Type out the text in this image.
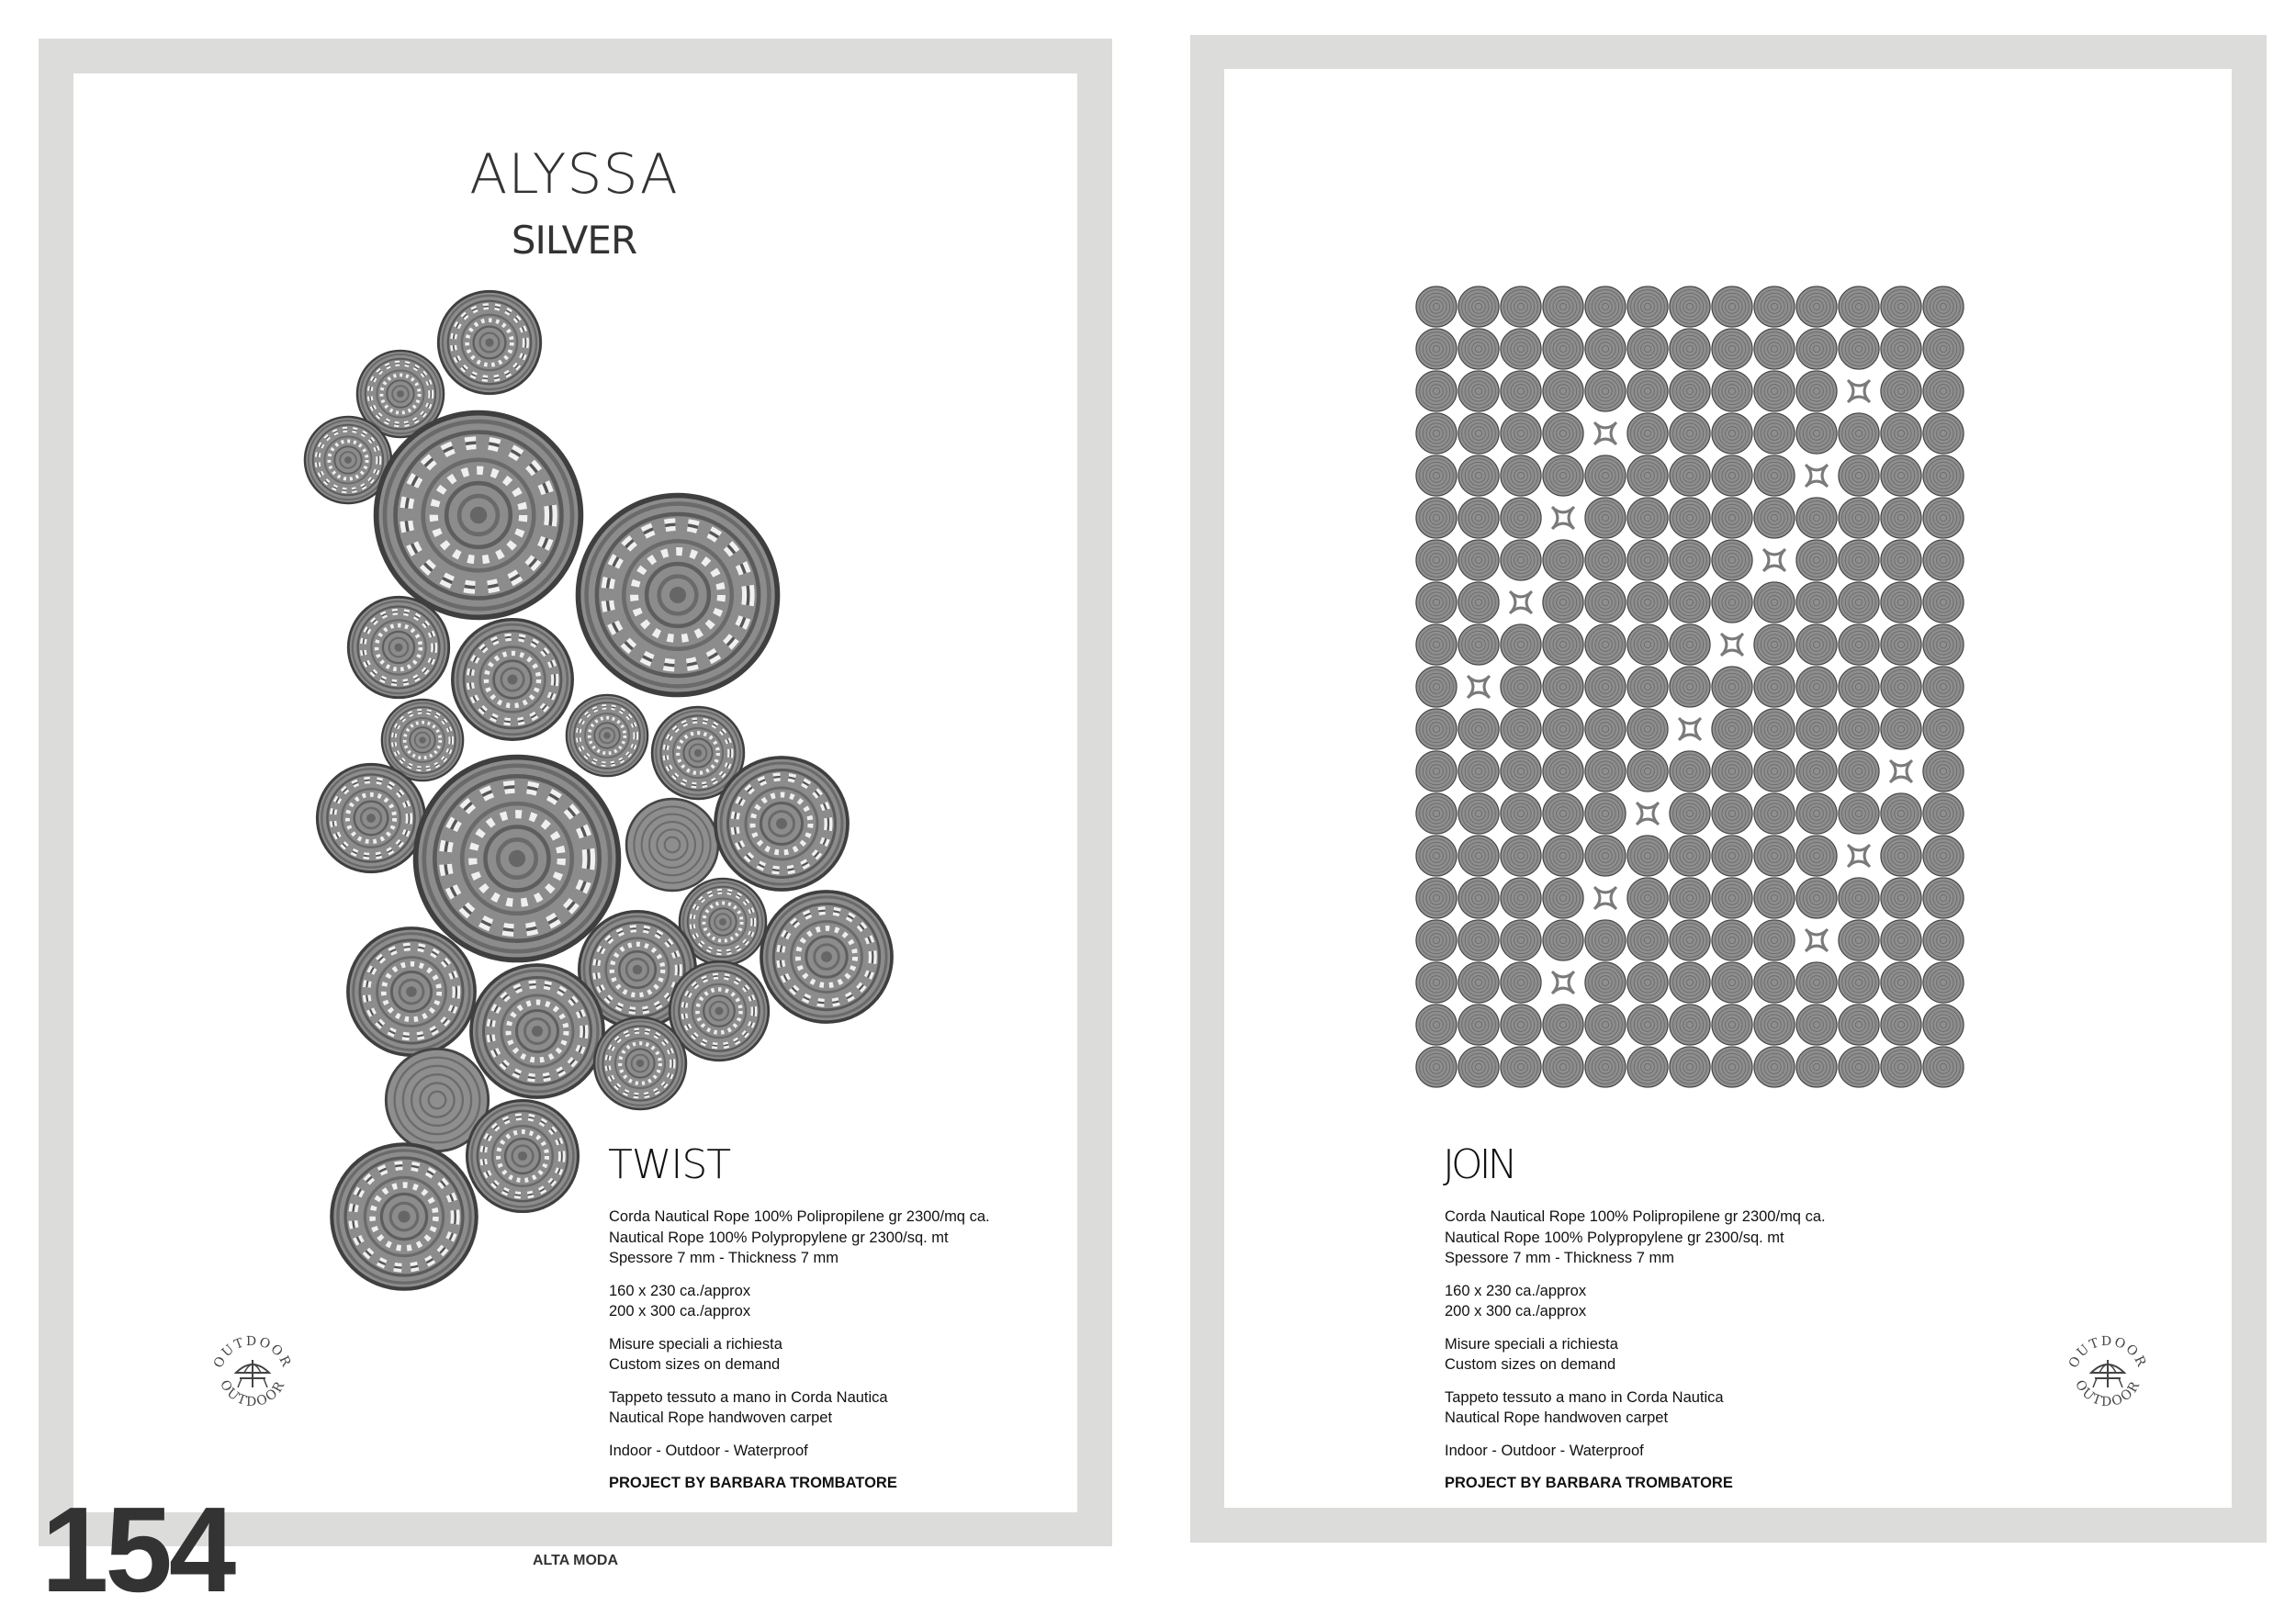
ALYSSA
SILVER
TWIST
Corda Nautical Rope 100% Polipropilene gr 2300/mq ca.
Nautical Rope 100% Polypropylene gr 2300/sq. mt
Spessore 7 mm - Thickness 7 mm
160 x 230 ca./approx
200 x 300 ca./approx
Misure speciali a richiesta
Custom sizes on demand
Tappeto tessuto a mano in Corda Nautica
Nautical Rope handwoven carpet
Indoor - Outdoor - Waterproof
PROJECT BY BARBARA TROMBATORE
OUTDOOR
OUTDOOR
154	ALTA MODA
JOIN
Corda Nautical Rope 100% Polipropilene gr 2300/mq ca.
Nautical Rope 100% Polypropylene gr 2300/sq. mt
Spessore 7 mm - Thickness 7 mm
160 x 230 ca./approx
200 x 300 ca./approx
Misure speciali a richiesta
Custom sizes on demand
Tappeto tessuto a mano in Corda Nautica
Nautical Rope handwoven carpet
Indoor - Outdoor - Waterproof
PROJECT BY BARBARA TROMBATORE
OUTDOOR
OUTDOOR
